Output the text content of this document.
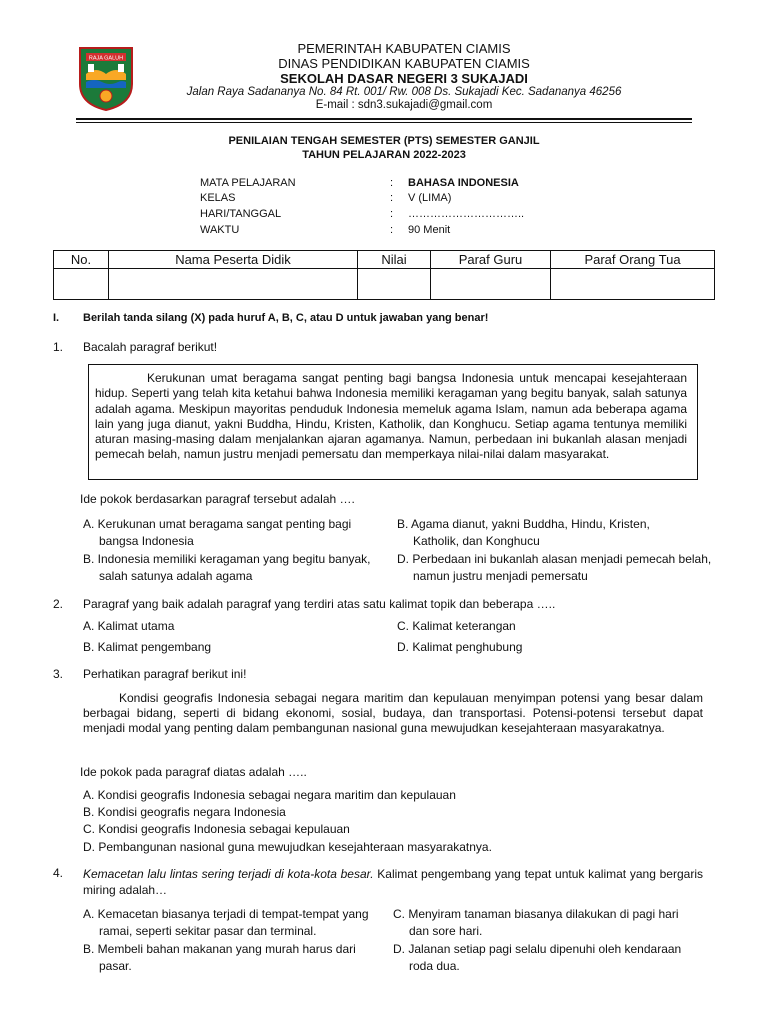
RAJA GALUH
PEMERINTAH KABUPATEN CIAMIS
DINAS PENDIDIKAN KABUPATEN CIAMIS
SEKOLAH DASAR NEGERI 3 SUKAJADI
Jalan Raya Sadananya No. 84 Rt. 001/ Rw. 008 Ds. Sukajadi Kec. Sadananya 46256
E-mail : sdn3.sukajadi@gmail.com
PENILAIAN TENGAH SEMESTER (PTS) SEMESTER GANJIL
TAHUN PELAJARAN 2022-2023
MATA PELAJARAN	: BAHASA INDONESIA
KELAS	: V (LIMA)
HARI/TANGGAL	: …………………………..
WAKTU	: 90 Menit
No.	Nama Peserta Didik	Nilai	Paraf Guru	Paraf Orang Tua

I. Berilah tanda silang (X) pada huruf A, B, C, atau D untuk jawaban yang benar!
1. Bacalah paragraf berikut!
Kerukunan umat beragama sangat penting bagi bangsa Indonesia untuk mencapai kesejahteraan hidup. Seperti yang telah kita ketahui bahwa Indonesia memiliki keragaman yang begitu banyak, salah satunya adalah agama. Meskipun mayoritas penduduk Indonesia memeluk agama Islam, namun ada beberapa agama lain yang juga dianut, yakni Buddha, Hindu, Kristen, Katholik, dan Konghucu. Setiap agama tentunya memiliki aturan masing-masing dalam menjalankan ajaran agamanya. Namun, perbedaan ini bukanlah alasan menjadi pemecah belah, namun justru menjadi pemersatu dan memperkaya nilai-nilai dalam masyarakat.
Ide pokok berdasarkan paragraf tersebut adalah ….
A. Kerukunan umat beragama sangat penting bagi bangsa Indonesia
B. Indonesia memiliki keragaman yang begitu banyak, salah satunya adalah agama
B. Agama dianut, yakni Buddha, Hindu, Kristen, Katholik, dan Konghucu
D. Perbedaan ini bukanlah alasan menjadi pemecah belah, namun justru menjadi pemersatu
2. Paragraf yang baik adalah paragraf yang terdiri atas satu kalimat topik dan beberapa …..
A. Kalimat utama
B. Kalimat pengembang
C. Kalimat keterangan
D. Kalimat penghubung
3. Perhatikan paragraf berikut ini!
Kondisi geografis Indonesia sebagai negara maritim dan kepulauan menyimpan potensi yang besar dalam berbagai bidang, seperti di bidang ekonomi, sosial, budaya, dan transportasi. Potensi-potensi tersebut dapat menjadi modal yang penting dalam pembangunan nasional guna mewujudkan kesejahteraan masyarakatnya.
Ide pokok pada paragraf diatas adalah …..
A. Kondisi geografis Indonesia sebagai negara maritim dan kepulauan
B. Kondisi geografis negara Indonesia
C. Kondisi geografis Indonesia sebagai kepulauan
D. Pembangunan nasional guna mewujudkan kesejahteraan masyarakatnya.
4. Kemacetan lalu lintas sering terjadi di kota-kota besar. Kalimat pengembang yang tepat untuk kalimat yang bergaris miring adalah…
A. Kemacetan biasanya terjadi di tempat-tempat yang ramai, seperti sekitar pasar dan terminal.
B. Membeli bahan makanan yang murah harus dari pasar.
C. Menyiram tanaman biasanya dilakukan di pagi hari dan sore hari.
D. Jalanan setiap pagi selalu dipenuhi oleh kendaraan roda dua.
